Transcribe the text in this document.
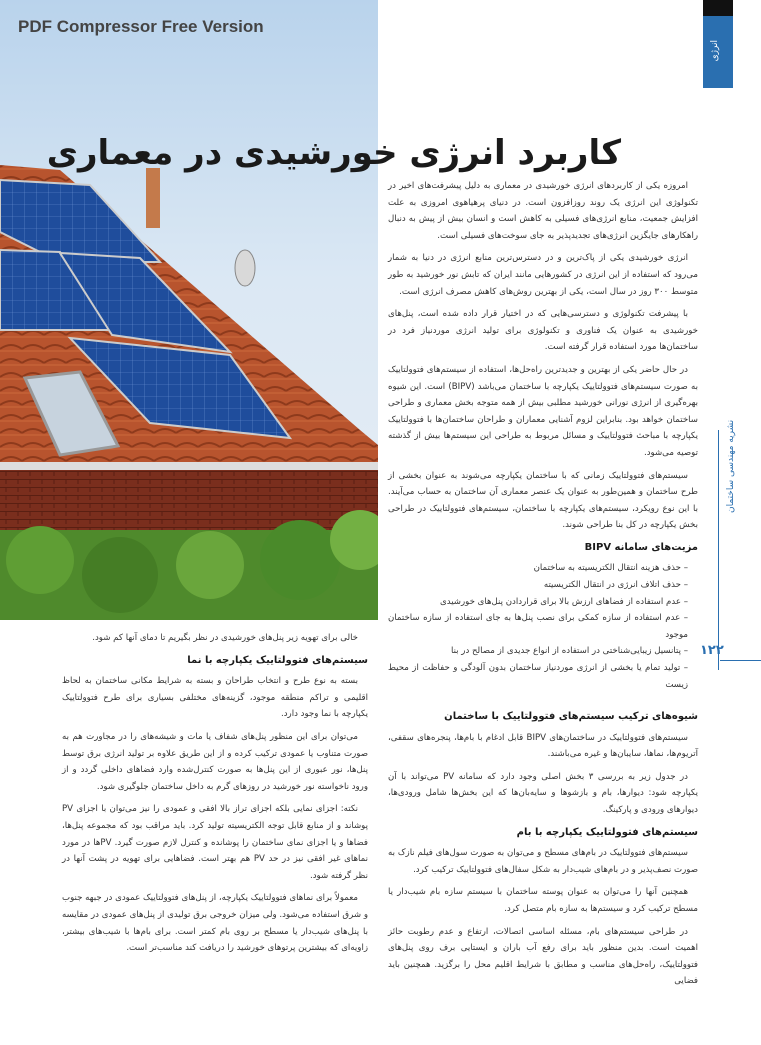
PDF Compressor Free Version
انرژی
کاربرد انرژی خورشیدی در معماری
نشریه مهندسی ساختمان
۱۲۲

امروزه یکی از کاربردهای انرژی خورشیدی در معماری به دلیل پیشرفت‌های اخیر در تکنولوژی این انرژی یک روند روزافزون است. در دنیای پرهیاهوی امروزی به علت افزایش جمعیت، منابع انرژی‌های فسیلی به کاهش است و انسان بیش از پیش به دنبال راهکارهای جایگزین انرژی‌های تجدیدپذیر به جای سوخت‌های فسیلی است.

انرژی خورشیدی یکی از پاک‌ترین و در دسترس‌ترین منابع انرژی در دنیا به شمار می‌رود که استفاده از این انرژی در کشورهایی مانند ایران که تابش نور خورشید به طور متوسط ۳۰۰ روز در سال است، یکی از بهترین روش‌های کاهش مصرف انرژی است.

با پیشرفت تکنولوژی و دسترسی‌هایی که در اختیار قرار داده شده است، پنل‌های خورشیدی به عنوان یک فناوری و تکنولوژی برای تولید انرژی موردنیاز فرد در ساختمان‌ها مورد استفاده قرار گرفته است.

در حال حاضر یکی از بهترین و جدیدترین راه‌حل‌ها، استفاده از سیستم‌های فتوولتاییک به صورت سیستم‌های فتوولتاییک یکپارچه با ساختمان می‌باشد (BIPV) است. این شیوه بهره‌گیری از انرژی نورانی خورشید مطلبی بیش از همه متوجه بخش معماری و طراحی ساختمان خواهد بود. بنابراین لزوم آشنایی معماران و طراحان ساختمان‌ها با فتوولتاییک یکپارچه با مباحث فتوولتاییک و مسائل مربوط به طراحی این سیستم‌ها بیش از گذشته توصیه می‌شود.

سیستم‌های فتوولتاییک زمانی که با ساختمان یکپارچه می‌شوند به عنوان بخشی از طرح ساختمان و همین‌طور به عنوان یک عنصر معماری آن ساختمان به حساب می‌آیند. با این نوع رویکرد، سیستم‌های یکپارچه با ساختمان، سیستم‌های فتوولتاییک در طراحی بخش یکپارچه در کل بنا طراحی شوند.

مزیت‌های سامانه BIPV
– حذف هزینه انتقال الکتریسیته به ساختمان
– حذف اتلاف انرژی در انتقال الکتریسیته
– عدم استفاده از فضاهای ارزش بالا برای قراردادن پنل‌های خورشیدی
– عدم استفاده از سازه کمکی برای نصب پنل‌ها به جای استفاده از سازه ساختمان موجود
– پتانسیل زیبایی‌شناختی در استفاده از انواع جدیدی از مصالح در بنا
– تولید تمام یا بخشی از انرژی موردنیاز ساختمان بدون آلودگی و حفاظت از محیط زیست
شیوه‌های ترکیب سیستم‌های فتوولتاییک با ساختمان

سیستم‌های فتوولتاییک در ساختمان‌های BIPV قابل ادغام با بام‌ها، پنجره‌های سقفی، آتریوم‌ها، نماها، سایبان‌ها و غیره می‌باشند.

در جدول زیر به بررسی ۳ بخش اصلی وجود دارد که سامانه PV می‌تواند با آن یکپارچه شود: دیوارها، بام و بازشوها و سایه‌بان‌ها که این بخش‌ها شامل ورودی‌ها، دیوارهای ورودی و پارکینگ.

سیستم‌های فتوولتاییک یکپارچه با بام

سیستم‌های فتوولتاییک در بام‌های مسطح و می‌توان به صورت سول‌های فیلم نازک به صورت نصف‌پذیر و در بام‌های شیب‌دار به شکل سفال‌های فتوولتاییک ترکیب کرد.

همچنین آنها را می‌توان به عنوان پوسته ساختمان با سیستم سازه بام شیب‌دار یا مسطح ترکیب کرد و سیستم‌ها به سازه بام متصل کرد.

در طراحی سیستم‌های بام، مسئله اساسی اتصالات، ارتفاع و عدم رطوبت حائز اهمیت است. بدین منظور باید برای رفع آب باران و ایستایی برف روی پنل‌های فتوولتاییک، راه‌حل‌های مناسب و مطابق با شرایط اقلیم محل را برگزید. همچنین باید فضایی

خالی برای تهویه زیر پنل‌های خورشیدی در نظر بگیریم تا دمای آنها کم شود.

سیستم‌های فتوولتاییک یکپارچه با نما

بسته به نوع طرح و انتخاب طراحان و بسته به شرایط مکانی ساختمان به لحاظ اقلیمی و تراکم منطقه موجود، گزینه‌های مختلفی بسیاری برای طرح فتوولتاییک یکپارچه با نما وجود دارد.

می‌توان برای این منظور پنل‌های شفاف یا مات و شیشه‌های را در مجاورت هم به صورت متناوب یا عمودی ترکیب کرده و از این طریق علاوه بر تولید انرژی برق توسط پنل‌ها، نور عبوری از این پنل‌ها به صورت کنترل‌شده وارد فضاهای داخلی گردد و از ورود ناخواسته نور خورشید در روزهای گرم به داخل ساختمان جلوگیری شود.

نکته: اجزای نمایی بلکه اجزای تراز بالا افقی و عمودی را نیز می‌توان با اجزای PV پوشاند و از منابع قابل توجه الکتریسیته تولید کرد. باید مراقب بود که مجموعه پنل‌ها، فضاها و یا اجزای نمای ساختمان را پوشانده و کنترل لازم صورت گیرد. PV‌ها در مورد نماهای غیر افقی نیز در حد PV هم بهتر است. فضاهایی برای تهویه در پشت آنها در نظر گرفته شود.

معمولاً برای نماهای فتوولتاییک یکپارچه، از پنل‌های فتوولتاییک عمودی در جبهه جنوب و شرق استفاده می‌شود. ولی میزان خروجی برق تولیدی از پنل‌های عمودی در مقایسه با پنل‌های شیب‌دار یا مسطح بر روی بام کمتر است. برای بام‌ها با شیب‌های بیشتر، زاویه‌ای که بیشترین پرتوهای خورشید را دریافت کند مناسب‌تر است.
